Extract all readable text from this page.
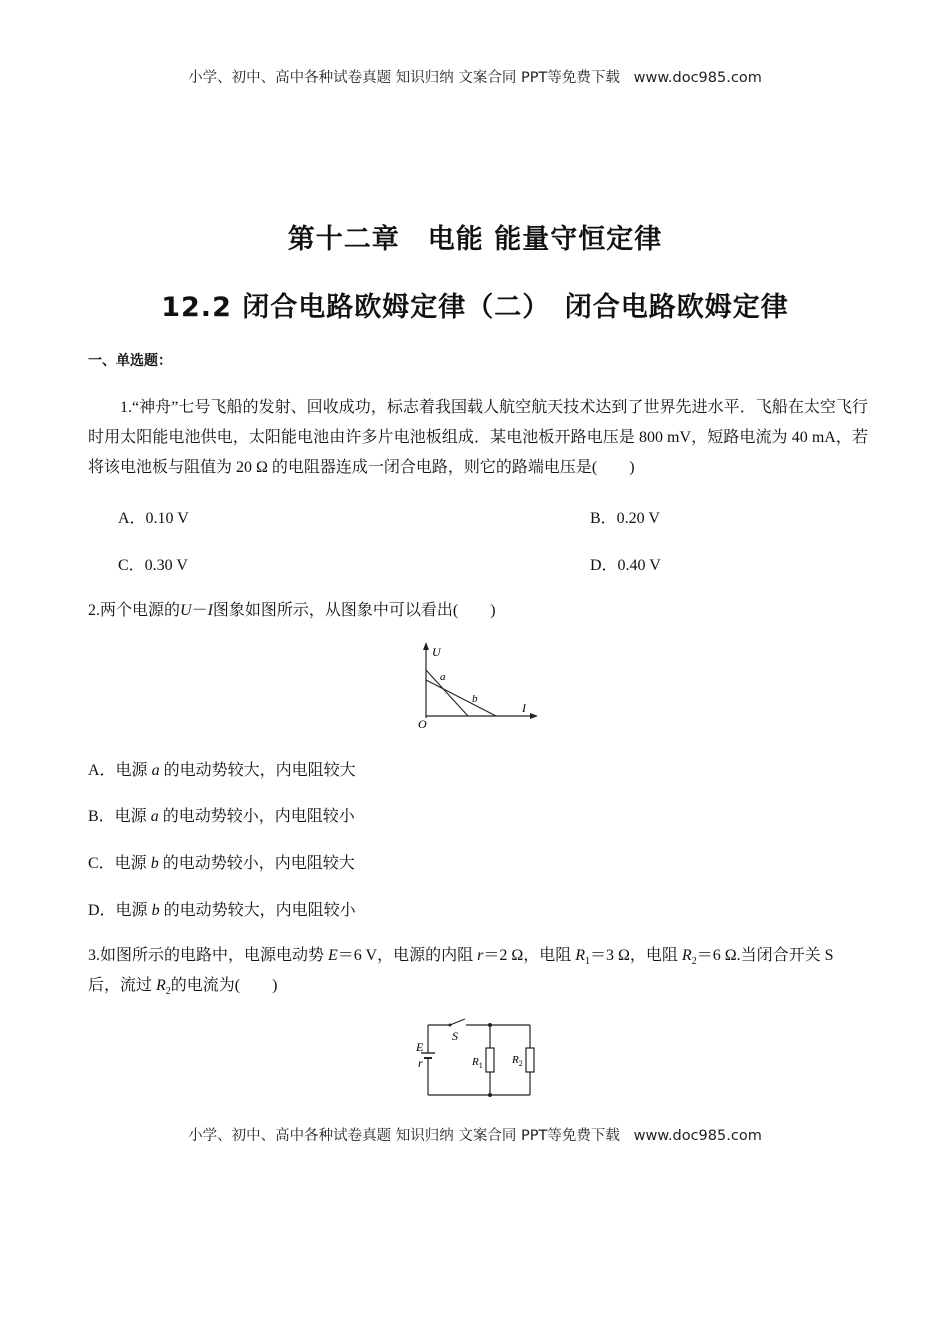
小学、初中、高中各种试卷真题 知识归纳 文案合同 PPT等免费下载 www.doc985.com
第十二章　电能 能量守恒定律
12.2 闭合电路欧姆定律（二）　闭合电路欧姆定律
一、单选题：
1.“神舟”七号飞船的发射、回收成功，标志着我国载人航空航天技术达到了世界先进水平．飞船在太空飞行时用太阳能电池供电，太阳能电池由许多片电池板组成．某电池板开路电压是 800 mV，短路电流为 40 mA，若将该电池板与阻值为 20 Ω 的电阻器连成一闭合电路，则它的路端电压是(　　)
A．0.10 V	B．0.20 V
C．0.30 V	D．0.40 V
2.两个电源的U－I图象如图所示，从图象中可以看出(　　)
U
I
O
a
b
A．电源 a 的电动势较大，内电阻较大
B．电源 a 的电动势较小，内电阻较小
C．电源 b 的电动势较小，内电阻较大
D．电源 b 的电动势较大，内电阻较小
3.如图所示的电路中，电源电动势 E＝6 V，电源的内阻 r＝2 Ω，电阻 $R_1=3$ Ω，电阻 $R_2=6$ Ω.当闭合开关 S
后，流过 $R_2$的电流为(　　)
E
r
S
$R_1$	$R_2$
小学、初中、高中各种试卷真题 知识归纳 文案合同 PPT等免费下载 www.doc985.com
